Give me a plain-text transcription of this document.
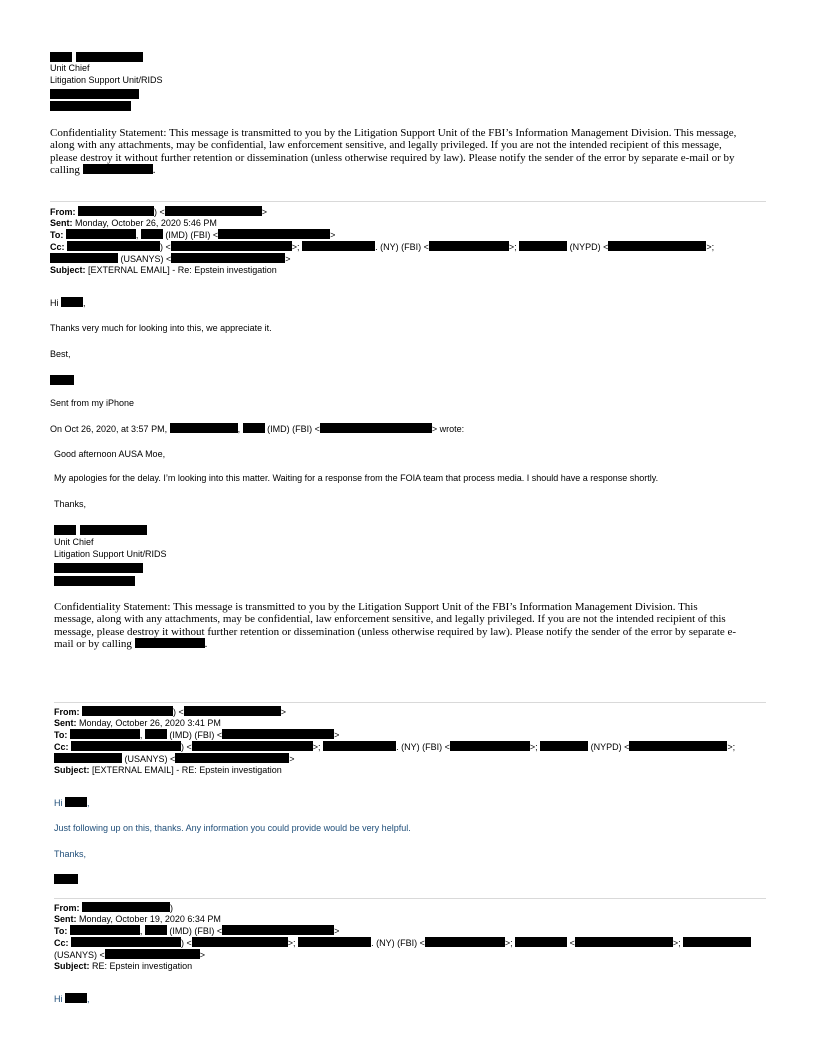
Unit Chief
Litigation Support Unit/RIDS
Confidentiality Statement: This message is transmitted to you by the Litigation Support Unit of the FBI’s Information Management Division. This message,
along with any attachments, may be confidential, law enforcement sensitive, and legally privileged. If you are not the intended recipient of this message,
please destroy it without further retention or dissemination (unless otherwise required by law). Please notify the sender of the error by separate e-mail or by
calling	.
From:	) <	>
Sent: Monday, October 26, 2020 5:46 PM
To:	,	(IMD) (FBI) <	>
Cc:	) <	>;	. (NY) (FBI) <	>;	(NYPD) <	>;
(USANYS) <	>
Subject: [EXTERNAL EMAIL] - Re: Epstein investigation
Hi	,
Thanks very much for looking into this, we appreciate it.
Best,
Sent from my iPhone
On Oct 26, 2020, at 3:57 PM,	,	(IMD) (FBI) <	> wrote:
Good afternoon AUSA Moe,
My apologies for the delay. I’m looking into this matter. Waiting for a response from the FOIA team that process media. I should have a response shortly.
Thanks,
Unit Chief
Litigation Support Unit/RIDS
Confidentiality Statement: This message is transmitted to you by the Litigation Support Unit of the FBI’s Information Management Division. This
message, along with any attachments, may be confidential, law enforcement sensitive, and legally privileged. If you are not the intended recipient of this
message, please destroy it without further retention or dissemination (unless otherwise required by law). Please notify the sender of the error by separate e-
mail or by calling	.
From:	) <	>
Sent: Monday, October 26, 2020 3:41 PM
To:	,	(IMD) (FBI) <	>
Cc:	) <	>;	. (NY) (FBI) <	>;	(NYPD) <	>;
(USANYS) <	>
Subject: [EXTERNAL EMAIL] - RE: Epstein investigation
Hi	,
Just following up on this, thanks. Any information you could provide would be very helpful.
Thanks,
From:	)
Sent: Monday, October 19, 2020 6:34 PM
To:	,	(IMD) (FBI) <	>
Cc:	) <	>;	. (NY) (FBI) <	>;	<	>;
(USANYS) <	>
Subject: RE: Epstein investigation
Hi	,
